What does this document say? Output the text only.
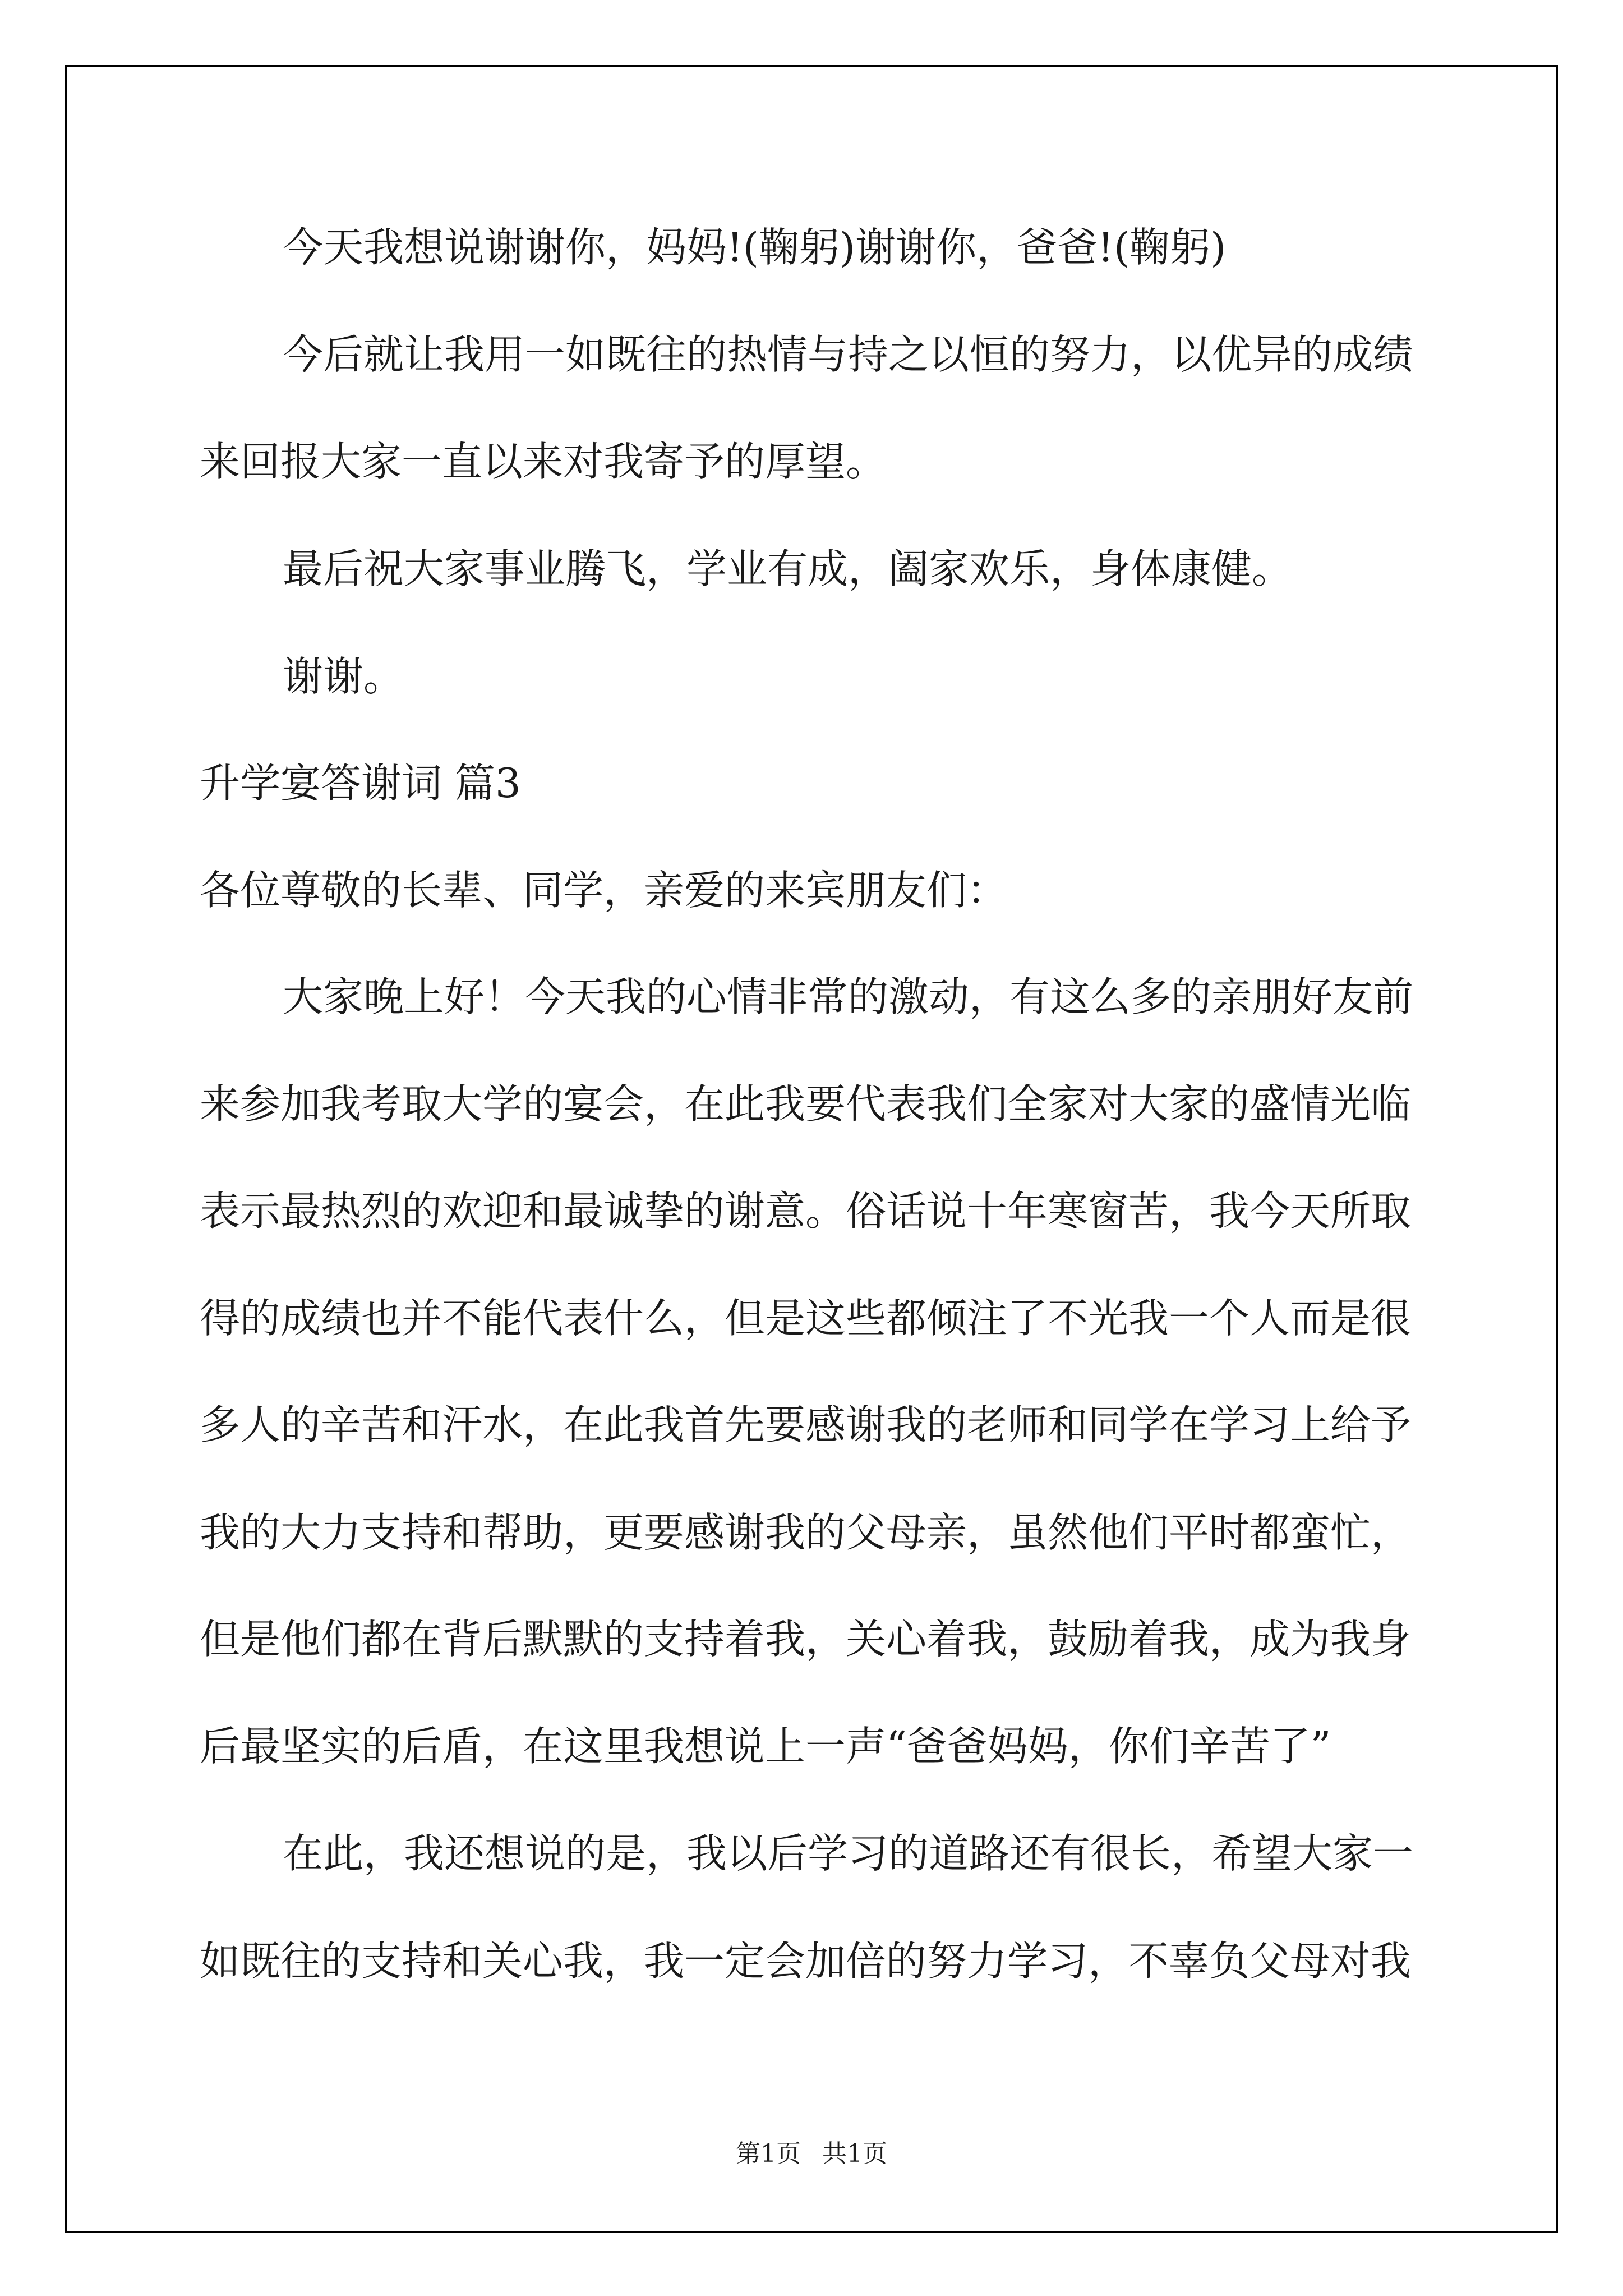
今天我想说谢谢你，妈妈!(鞠躬)谢谢你，爸爸!(鞠躬)
今后就让我用一如既往的热情与持之以恒的努力，以优异的成绩
来回报大家一直以来对我寄予的厚望。
最后祝大家事业腾飞，学业有成，阖家欢乐，身体康健。
谢谢。
升学宴答谢词 篇3
各位尊敬的长辈、同学，亲爱的来宾朋友们：
大家晚上好！今天我的心情非常的激动，有这么多的亲朋好友前
来参加我考取大学的宴会，在此我要代表我们全家对大家的盛情光临
表示最热烈的欢迎和最诚挚的谢意。俗话说十年寒窗苦，我今天所取
得的成绩也并不能代表什么，但是这些都倾注了不光我一个人而是很
多人的辛苦和汗水，在此我首先要感谢我的老师和同学在学习上给予
我的大力支持和帮助，更要感谢我的父母亲，虽然他们平时都蛮忙，
但是他们都在背后默默的支持着我，关心着我，鼓励着我，成为我身
后最坚实的后盾，在这里我想说上一声“爸爸妈妈，你们辛苦了”
在此，我还想说的是，我以后学习的道路还有很长，希望大家一
如既往的支持和关心我，我一定会加倍的努力学习，不辜负父母对我
第1页 共1页
